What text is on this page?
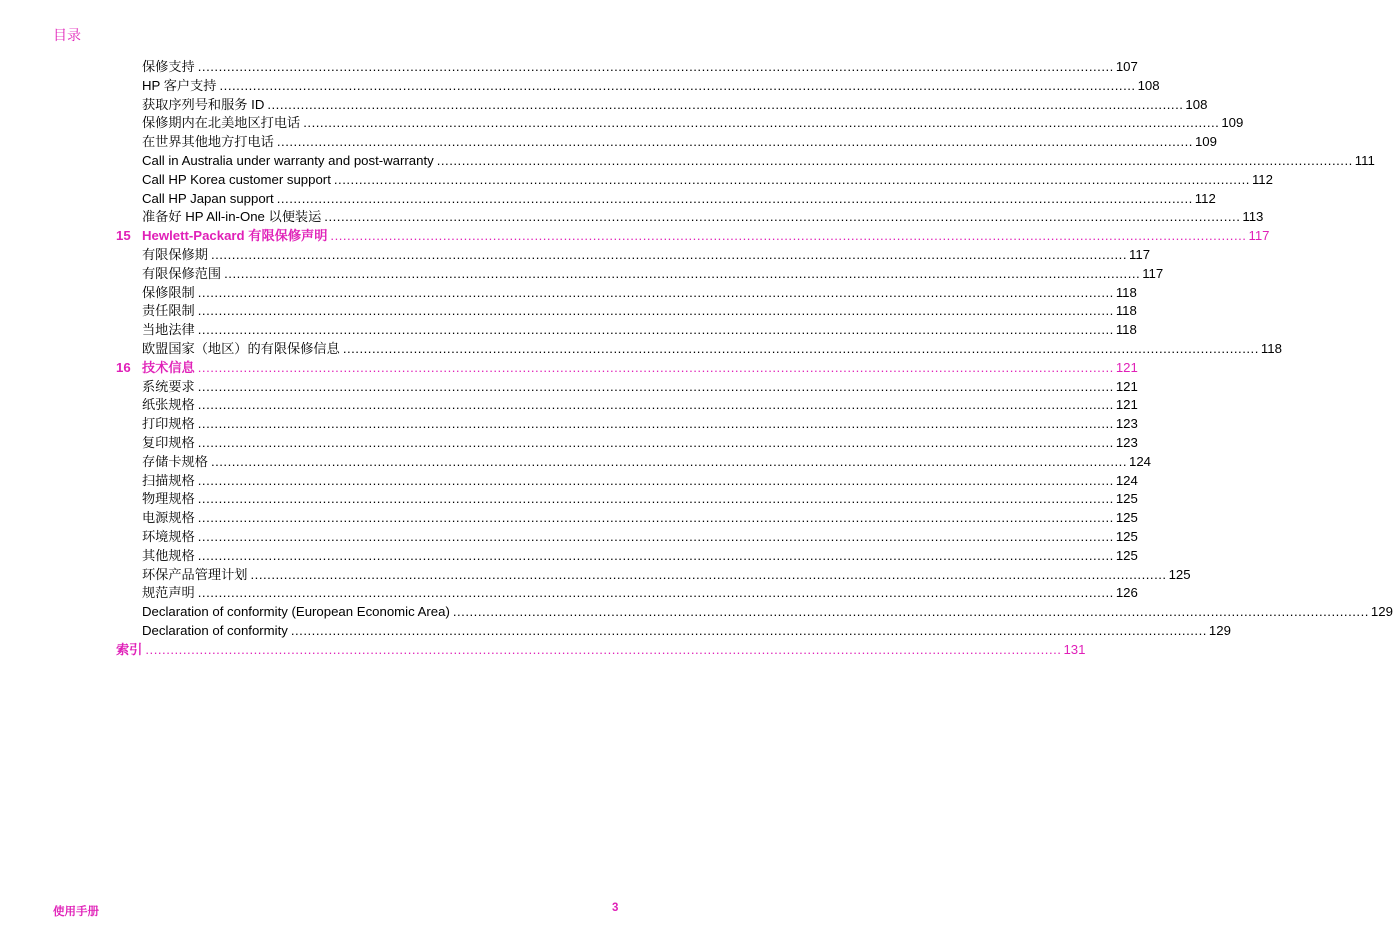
目录
保修支持 ............................................................................................................................................................................................................................ 107
HP 客户支持 ............................................................................................................................................................................................................................ 108
获取序列号和服务 ID ............................................................................................................................................................................................................................ 108
保修期内在北美地区打电话 ............................................................................................................................................................................................................................ 109
在世界其他地方打电话 ............................................................................................................................................................................................................................ 109
Call in Australia under warranty and post-warranty ............................................................................................................................................................................................................................ 111
Call HP Korea customer support ............................................................................................................................................................................................................................ 112
Call HP Japan support ............................................................................................................................................................................................................................ 112
准备好 HP All-in-One 以便装运 ............................................................................................................................................................................................................................ 113
15 Hewlett-Packard 有限保修声明 ............................................................................................................................................................................................................................ 117
有限保修期 ............................................................................................................................................................................................................................ 117
有限保修范围 ............................................................................................................................................................................................................................ 117
保修限制 ............................................................................................................................................................................................................................ 118
责任限制 ............................................................................................................................................................................................................................ 118
当地法律 ............................................................................................................................................................................................................................ 118
欧盟国家（地区）的有限保修信息 ............................................................................................................................................................................................................................ 118
16 技术信息 ............................................................................................................................................................................................................................ 121
系统要求 ............................................................................................................................................................................................................................ 121
纸张规格 ............................................................................................................................................................................................................................ 121
打印规格 ............................................................................................................................................................................................................................ 123
复印规格 ............................................................................................................................................................................................................................ 123
存储卡规格 ............................................................................................................................................................................................................................ 124
扫描规格 ............................................................................................................................................................................................................................ 124
物理规格 ............................................................................................................................................................................................................................ 125
电源规格 ............................................................................................................................................................................................................................ 125
环境规格 ............................................................................................................................................................................................................................ 125
其他规格 ............................................................................................................................................................................................................................ 125
环保产品管理计划 ............................................................................................................................................................................................................................ 125
规范声明 ............................................................................................................................................................................................................................ 126
Declaration of conformity (European Economic Area) ............................................................................................................................................................................................................................ 129
Declaration of conformity ............................................................................................................................................................................................................................ 129
索引 ............................................................................................................................................................................................................................ 131
使用手册	3
